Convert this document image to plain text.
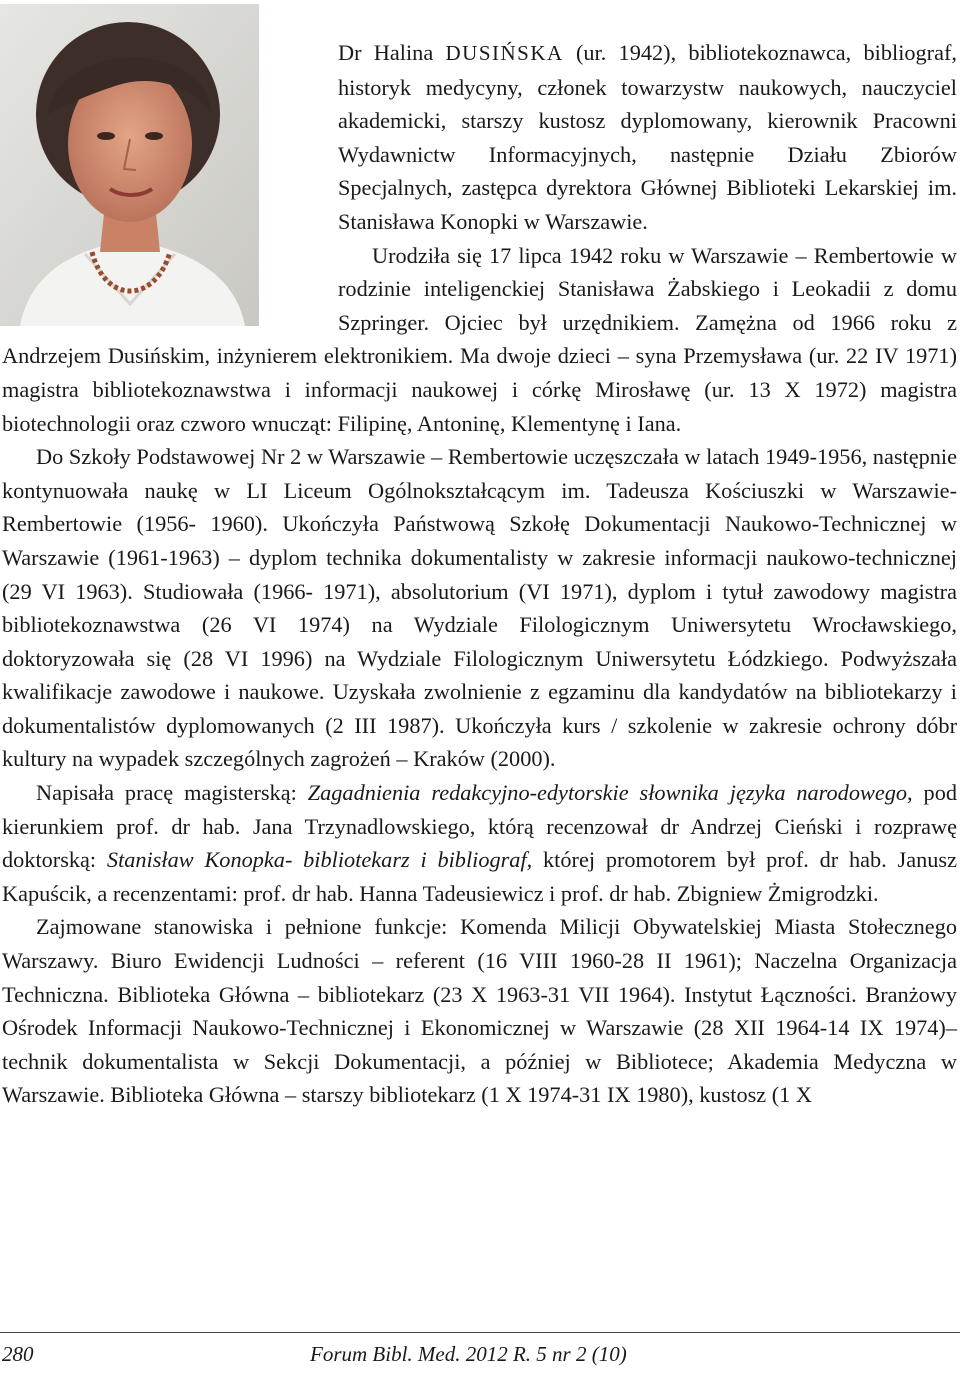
Dr Halina DUSIŃSKA (ur. 1942), bibliotekoznawca, bibliograf, historyk medycyny, członek towarzystw naukowych, nauczyciel akademicki, starszy kustosz dyplomowany, kierownik Pracowni Wydawnictw Informacyjnych, następnie Działu Zbiorów Specjalnych, zastępca dyrektora Głównej Biblioteki Lekarskiej im. Stanisława Konopki w Warszawie.

Urodziła się 17 lipca 1942 roku w Warszawie – Rembertowie w rodzinie inteligenckiej Stanisława Żabskiego i Leokadii z domu Szpringer. Ojciec był urzędnikiem. Zamężna od 1966 roku z Andrzejem Dusińskim, inżynierem elektronikiem. Ma dwoje dzieci – syna Przemysława (ur. 22 IV 1971) magistra bibliotekoznawstwa i informacji naukowej i córkę Mirosławę (ur. 13 X 1972) magistra biotechnologii oraz czworo wnucząt: Filipinę, Antoninę, Klementynę i Iana.

Do Szkoły Podstawowej Nr 2 w Warszawie – Rembertowie uczęszczała w latach 1949-1956, następnie kontynuowała naukę w LI Liceum Ogólnokształcącym im. Tadeusza Kościuszki w Warszawie-Rembertowie (1956- 1960). Ukończyła Państwową Szkołę Dokumentacji Naukowo-Technicznej w Warszawie (1961-1963) – dyplom technika dokumentalisty w zakresie informacji naukowo-technicznej (29 VI 1963). Studiowała (1966- 1971), absolutorium (VI 1971), dyplom i tytuł zawodowy magistra bibliotekoznawstwa (26 VI 1974) na Wydziale Filologicznym Uniwersytetu Wrocławskiego, doktoryzowała się (28 VI 1996) na Wydziale Filologicznym Uniwersytetu Łódzkiego. Podwyższała kwalifikacje zawodowe i naukowe. Uzyskała zwolnienie z egzaminu dla kandydatów na bibliotekarzy i dokumentalistów dyplomowanych (2 III 1987). Ukończyła kurs / szkolenie w zakresie ochrony dóbr kultury na wypadek szczególnych zagrożeń – Kraków (2000).

Napisała pracę magisterską: Zagadnienia redakcyjno-edytorskie słownika języka narodowego, pod kierunkiem prof. dr hab. Jana Trzynadlowskiego, którą recenzował dr Andrzej Cieński i rozprawę doktorską: Stanisław Konopka- bibliotekarz i bibliograf, której promotorem był prof. dr hab. Janusz Kapuścik, a recenzentami: prof. dr hab. Hanna Tadeusiewicz i prof. dr hab. Zbigniew Żmigrodzki.

Zajmowane stanowiska i pełnione funkcje: Komenda Milicji Obywatelskiej Miasta Stołecznego Warszawy. Biuro Ewidencji Ludności – referent (16 VIII 1960-28 II 1961); Naczelna Organizacja Techniczna. Biblioteka Główna – bibliotekarz (23 X 1963-31 VII 1964). Instytut Łączności. Branżowy Ośrodek Informacji Naukowo-Technicznej i Ekonomicznej w Warszawie (28 XII 1964-14 IX 1974)– technik dokumentalista w Sekcji Dokumentacji, a później w Bibliotece; Akademia Medyczna w Warszawie. Biblioteka Główna – starszy bibliotekarz (1 X 1974-31 IX 1980), kustosz (1 X

280	Forum Bibl. Med. 2012 R. 5 nr 2 (10)
